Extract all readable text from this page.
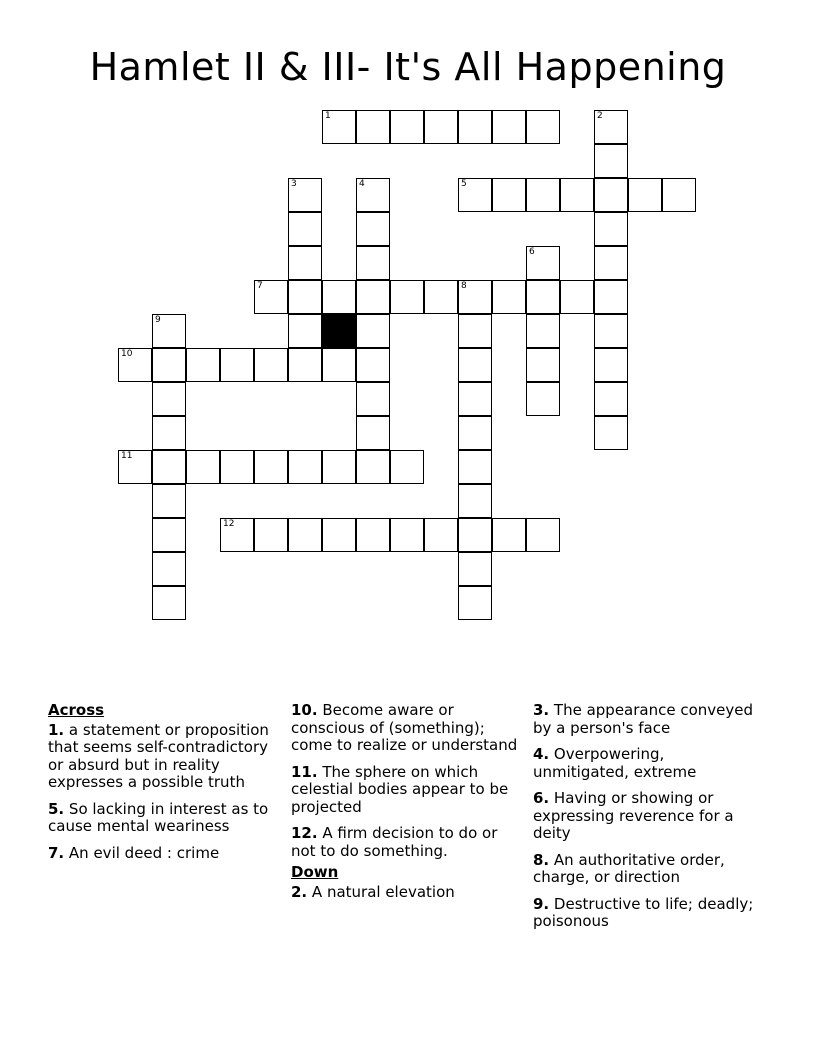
Hamlet II & III- It's All Happening
1	2
3	4	5
6
7	8
9
10
11
12
Across
1. a statement or proposition that seems self-contradictory or absurd but in reality expresses a possible truth
5. So lacking in interest as to cause mental weariness
7. An evil deed : crime
10. Become aware or conscious of (something); come to realize or understand
11. The sphere on which celestial bodies appear to be projected
12. A firm decision to do or not to do something.
Down
2. A natural elevation
3. The appearance conveyed by a person's face
4. Overpowering, unmitigated, extreme
6. Having or showing or expressing reverence for a deity
8. An authoritative order, charge, or direction
9. Destructive to life; deadly; poisonous
